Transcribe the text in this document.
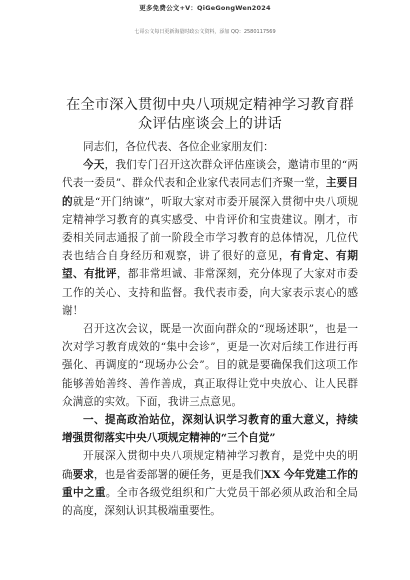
更多免费公文+V：QiGeGongWen2024
七哥公文每日更新海量时政公文资料，添加 QQ：2580117569
在全市深入贯彻中央八项规定精神学习教育群众评估座谈会上的讲话

同志们，各位代表、各位企业家朋友们：

今天，我们专门召开这次群众评估座谈会，邀请市里的“两代表一委员”、群众代表和企业家代表同志们齐聚一堂，主要目的就是“开门纳谏”，听取大家对市委开展深入贯彻中央八项规定精神学习教育的真实感受、中肯评价和宝贵建议。刚才，市委相关同志通报了前一阶段全市学习教育的总体情况，几位代表也结合自身经历和观察，讲了很好的意见，有肯定、有期望、有批评，都非常坦诚、非常深刻，充分体现了大家对市委工作的关心、支持和监督。我代表市委，向大家表示衷心的感谢！

召开这次会议，既是一次面向群众的“现场述职”，也是一次对学习教育成效的“集中会诊”，更是一次对后续工作进行再强化、再调度的“现场办公会”。目的就是要确保我们这项工作能够善始善终、善作善成，真正取得让党中央放心、让人民群众满意的实效。下面，我讲三点意见。

一、提高政治站位，深刻认识学习教育的重大意义，持续增强贯彻落实中央八项规定精神的“三个自觉”

开展深入贯彻中央八项规定精神学习教育，是党中央的明确要求，也是省委部署的硬任务，更是我们XX 今年党建工作的重中之重。全市各级党组织和广大党员干部必须从政治和全局的高度，深刻认识其极端重要性。
